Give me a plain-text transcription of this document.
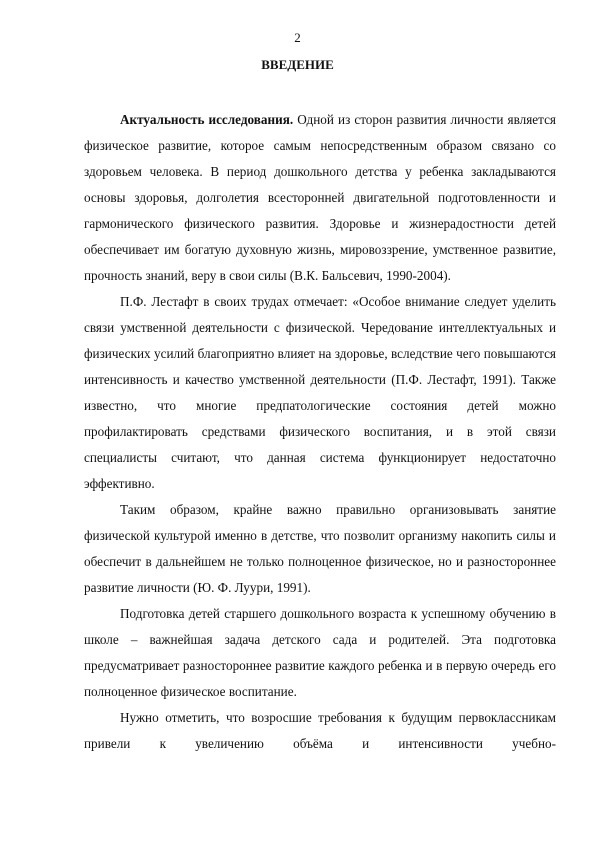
2
ВВЕДЕНИЕ

Актуальность исследования. Одной из сторон развития личности является физическое развитие, которое самым непосредственным образом связано со здоровьем человека. В период дошкольного детства у ребенка закладываются основы здоровья, долголетия всесторонней двигательной подготовленности и гармонического физического развития. Здоровье и жизнерадостности детей обеспечивает им богатую духовную жизнь, мировоззрение, умственное развитие, прочность знаний, веру в свои силы (В.К. Бальсевич, 1990-2004).

П.Ф. Лестафт в своих трудах отмечает: «Особое внимание следует уделить связи умственной деятельности с физической. Чередование интеллектуальных и физических усилий благоприятно влияет на здоровье, вследствие чего повышаются интенсивность и качество умственной деятельности (П.Ф. Лестафт, 1991). Также известно, что многие предпатологические состояния детей можно профилактировать средствами физического воспитания, и в этой связи специалисты считают, что данная система функционирует недостаточно эффективно.

Таким образом, крайне важно правильно организовывать занятие физической культурой именно в детстве, что позволит организму накопить силы и обеспечит в дальнейшем не только полноценное физическое, но и разностороннее развитие личности (Ю. Ф. Луури, 1991).

Подготовка детей старшего дошкольного возраста к успешному обучению в школе – важнейшая задача детского сада и родителей. Эта подготовка предусматривает разностороннее развитие каждого ребенка и в первую очередь его полноценное физическое воспитание.

Нужно отметить, что возросшие требования к будущим первоклассникам привели к увеличению объёма и интенсивности учебно-
